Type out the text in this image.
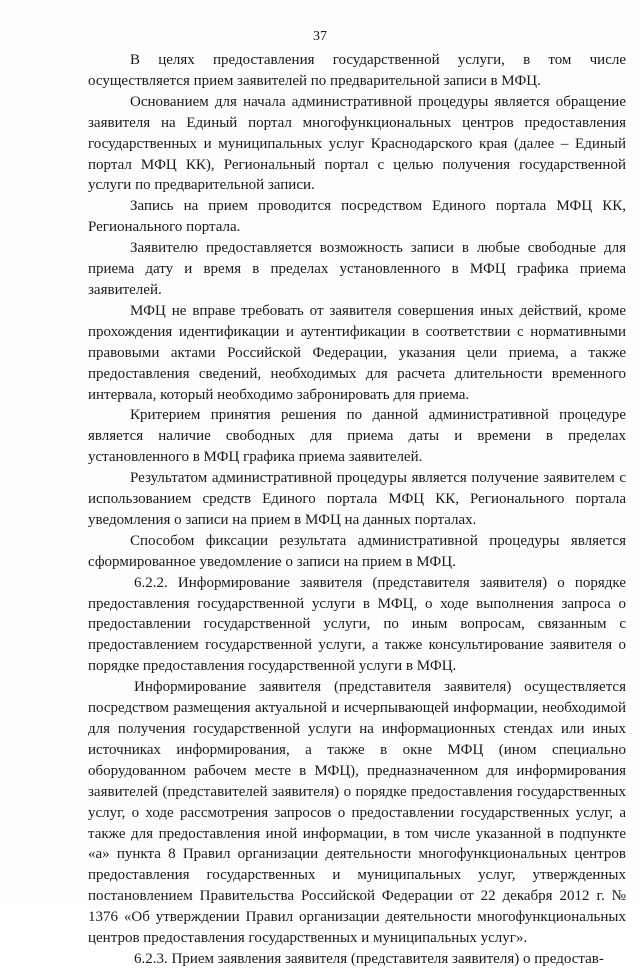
37

В целях предоставления государственной услуги, в том числе осуществляется прием заявителей по предварительной записи в МФЦ.

Основанием для начала административной процедуры является обращение заявителя на Единый портал многофункциональных центров предоставления государственных и муниципальных услуг Краснодарского края (далее – Единый портал МФЦ КК), Региональный портал с целью получения государственной услуги по предварительной записи.

Запись на прием проводится посредством Единого портала МФЦ КК, Регионального портала.

Заявителю предоставляется возможность записи в любые свободные для приема дату и время в пределах установленного в МФЦ графика приема заявителей.

МФЦ не вправе требовать от заявителя совершения иных действий, кроме прохождения идентификации и аутентификации в соответствии с нормативными правовыми актами Российской Федерации, указания цели приема, а также предоставления сведений, необходимых для расчета длительности временного интервала, который необходимо забронировать для приема.

Критерием принятия решения по данной административной процедуре является наличие свободных для приема даты и времени в пределах установленного в МФЦ графика приема заявителей.

Результатом административной процедуры является получение заявителем с использованием средств Единого портала МФЦ КК, Регионального портала уведомления о записи на прием в МФЦ на данных порталах.

Способом фиксации результата административной процедуры является сформированное уведомление о записи на прием в МФЦ.

6.2.2. Информирование заявителя (представителя заявителя) о порядке предоставления государственной услуги в МФЦ, о ходе выполнения запроса о предоставлении государственной услуги, по иным вопросам, связанным с предоставлением государственной услуги, а также консультирование заявителя о порядке предоставления государственной услуги в МФЦ.

Информирование заявителя (представителя заявителя) осуществляется посредством размещения актуальной и исчерпывающей информации, необходимой для получения государственной услуги на информационных стендах или иных источниках информирования, а также в окне МФЦ (ином специально оборудованном рабочем месте в МФЦ), предназначенном для информирования заявителей (представителей заявителя) о порядке предоставления государственных услуг, о ходе рассмотрения запросов о предоставлении государственных услуг, а также для предоставления иной информации, в том числе указанной в подпункте «а» пункта 8 Правил организации деятельности многофункциональных центров предоставления государственных и муниципальных услуг, утвержденных постановлением Правительства Российской Федерации от 22 декабря 2012 г. № 1376 «Об утверждении Правил организации деятельности многофункциональных центров предоставления государственных и муниципальных услуг».

6.2.3. Прием заявления заявителя (представителя заявителя) о предостав-
